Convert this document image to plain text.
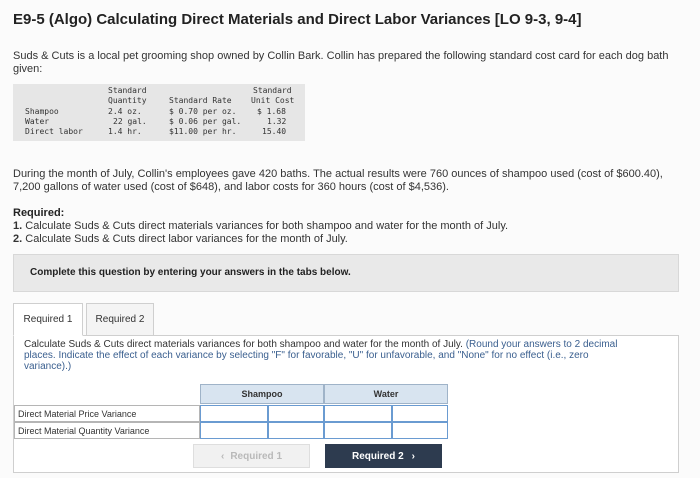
E9-5 (Algo) Calculating Direct Materials and Direct Labor Variances [LO 9-3, 9-4]
Suds & Cuts is a local pet grooming shop owned by Collin Bark. Collin has prepared the following standard cost card for each dog bath given:
Standard
Quantity	Standard Rate
Standard
Unit Cost
Shampoo	2.4 oz.	$ 0.70 per oz.	$ 1.68
Water	22 gal.	$ 0.06 per gal.	1.32
Direct labor	1.4 hr.	$11.00 per hr.	15.40
During the month of July, Collin's employees gave 420 baths. The actual results were 760 ounces of shampoo used (cost of $600.40), 7,200 gallons of water used (cost of $648), and labor costs for 360 hours (cost of $4,536).
Required:
1. Calculate Suds & Cuts direct materials variances for both shampoo and water for the month of July.
2. Calculate Suds & Cuts direct labor variances for the month of July.
Complete this question by entering your answers in the tabs below.
Required 1	Required 2
Calculate Suds & Cuts direct materials variances for both shampoo and water for the month of July. (Round your answers to 2 decimal places. Indicate the effect of each variance by selecting "F" for favorable, "U" for unfavorable, and "None" for no effect (i.e., zero variance).)
Shampoo	Water
Direct Material Price Variance
Direct Material Quantity Variance
‹ Required 1	Required 2 ›
